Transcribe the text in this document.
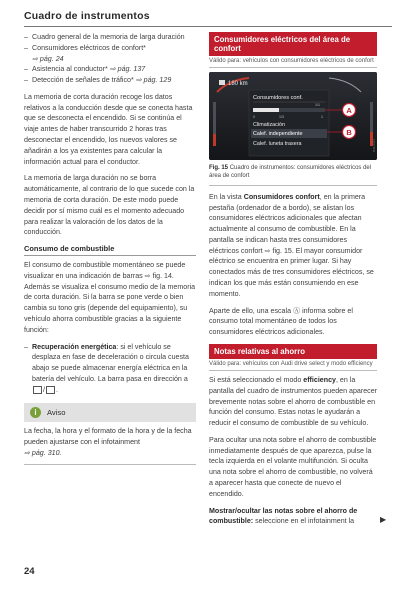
Cuadro de instrumentos
– Cuadro general de la memoria de larga duración
– Consumidores eléctricos de confort*
⇨ pág. 24
– Asistencia al conductor* ⇨ pág. 137
– Detección de señales de tráfico* ⇨ pág. 129

La memoria de corta duración recoge los datos relativos a la conducción desde que se conecta hasta que se desconecta el encendido. Si se continúa el viaje antes de haber transcurrido 2 horas tras desconectar el encendido, los nuevos valores se añadirán a los ya existentes para calcular la información actual para el conductor.

La memoria de larga duración no se borra automáticamente, al contrario de lo que sucede con la memoria de corta duración. De este modo puede decidir por sí mismo cuál es el momento adecuado para realizar la valoración de los datos de la conducción.

Consumo de combustible

El consumo de combustible momentáneo se puede visualizar en una indicación de barras ⇨ fig. 14. Además se visualiza el consumo medio de la memoria de corta duración. Si la barra se pone verde o bien cambia su tono gris (depende del equipamiento), su vehículo ahorra combustible gracias a la siguiente función:

– Recuperación energética: si el vehículo se desplaza en fase de deceleración o circula cuesta abajo se puede almacenar energía eléctrica en la batería del vehículo. La barra pasa en dirección a / .
i	Aviso
La fecha, la hora y el formato de la hora y de la fecha pueden ajustarse con el infotainment
⇨ pág. 310.
Consumidores eléctricos del área de confort
Válido para: vehículos con consumidores eléctricos de confort
180 km
Consumidores conf.
1/1
0	1/3	1
Climatización
Calef. independiente
Calef. luneta trasera
A
B
B4K-0611
Fig. 15 Cuadro de instrumentos: consumidores eléctricos del área de confort

En la vista Consumidores confort, en la primera pestaña (ordenador de a bordo), se alistan los consumidores eléctricos adicionales que afectan actualmente al consumo de combustible. En la pantalla se indican hasta tres consumidores eléctricos confort ⇨ fig. 15. El mayor consumidor eléctrico se encuentra en primer lugar. Si hay conectados más de tres consumidores eléctricos, se indican los que más están consumiendo en ese momento.

Aparte de ello, una escala Ⓐ informa sobre el consumo total momentáneo de todos los consumidores eléctricos adicionales.

Notas relativas al ahorro
Válido para: vehículos con Audi drive select y modo efficiency

Si está seleccionado el modo efficiency, en la pantalla del cuadro de instrumentos pueden aparecer brevemente notas sobre el ahorro de combustible en función del consumo. Estas notas le ayudarán a reducir el consumo de combustible de su vehículo.

Para ocultar una nota sobre el ahorro de combustible inmediatamente después de que aparezca, pulse la tecla izquierda en el volante multifunción. Si oculta una nota sobre el ahorro de combustible, no volverá a aparecer hasta que conecte de nuevo el encendido.

Mostrar/ocultar las notas sobre el ahorro de combustible: seleccione en el infotainment la	▶
24
